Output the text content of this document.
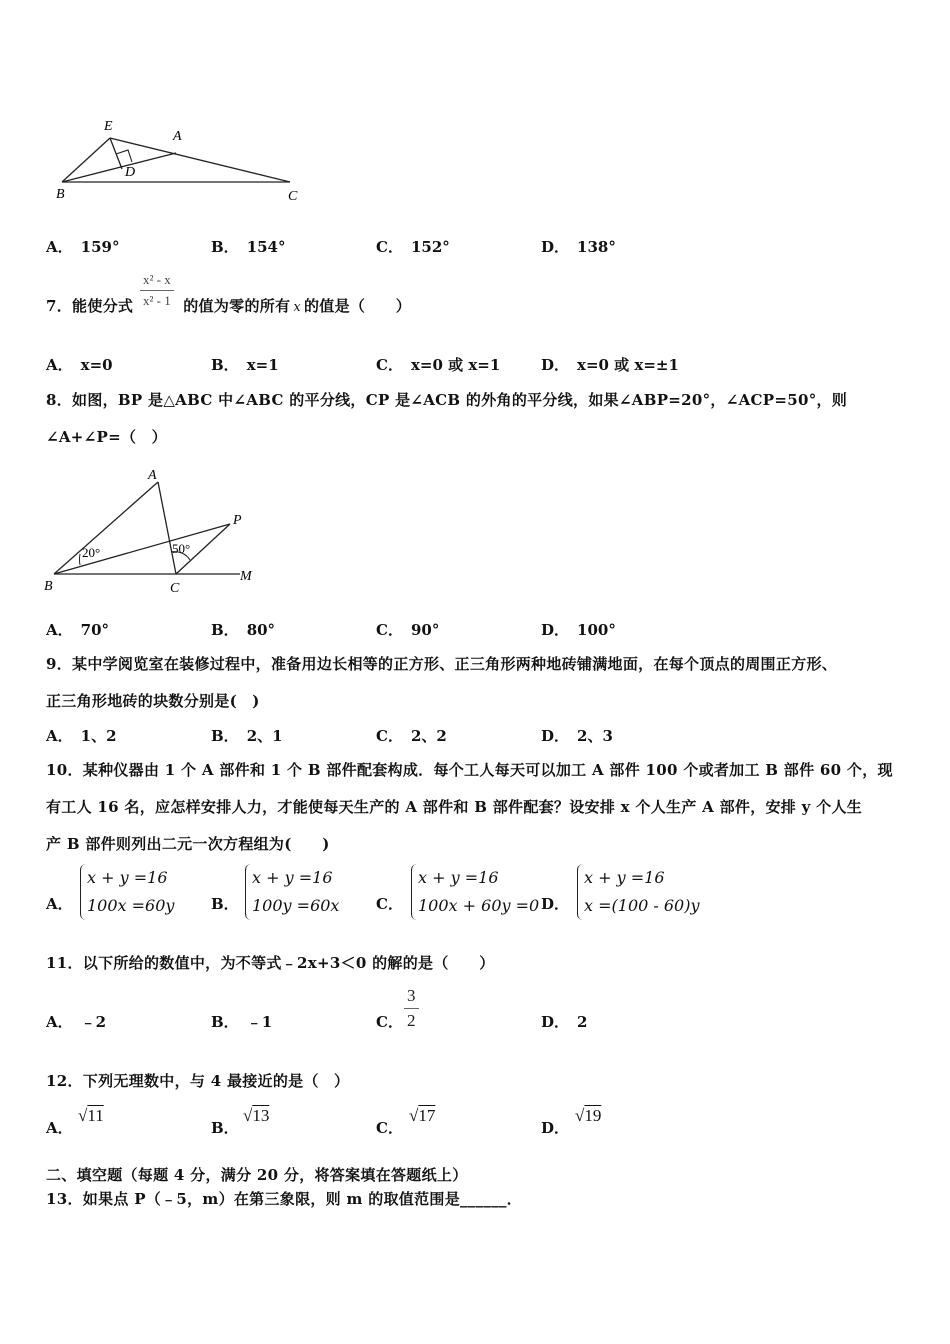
E
A
D
B	C
A． 159°	B． 154°	C． 152°	D． 138°
7．能使分式	的值为零的所有 x 的值是（　　）
$\frac{\text{x² - x}}{\text{x² - 1}}$
A． x=0	B． x=1	C． x=0 或 x=1	D． x=0 或 x=±1
8．如图，BP 是△ABC 中∠ABC 的平分线，CP 是∠ACB 的外角的平分线，如果∠ABP=20°，∠ACP=50°，则
∠A+∠P=（　）
A
P
B	C
M
20°	50°
A． 70°	B． 80°	C． 90°	D． 100°
9．某中学阅览室在装修过程中，准备用边长相等的正方形、正三角形两种地砖铺满地面，在每个顶点的周围正方形、
正三角形地砖的块数分别是(　)
A． 1、2	B． 2、1	C． 2、2	D． 2、3
10．某种仪器由 1 个 A 部件和 1 个 B 部件配套构成．每个工人每天可以加工 A 部件 100 个或者加工 B 部件 60 个，现
有工人 16 名，应怎样安排人力，才能使每天生产的 A 部件和 B 部件配套？设安排 x 个人生产 A 部件，安排 y 个人生
产 B 部件则列出二元一次方程组为(　　)
A．
x + y =16
100x =60y B．
x + y =16
100y =60x C．
x + y =16
100x + 60y =0 D．
x + y =16
x =(100 - 60)y
11．以下所给的数值中，为不等式﹣2x+3＜0 的解的是（　　）
A． ﹣2	B． ﹣1	C． $\frac{3}{2}$	D． 2
12．下列无理数中，与 4 最接近的是（　）
A．
√11
B．
√13
C．
√17
D．
√19
二、填空题（每题 4 分，满分 20 分，将答案填在答题纸上）
13．如果点 P（﹣5，m）在第三象限，则 m 的取值范围是______．
